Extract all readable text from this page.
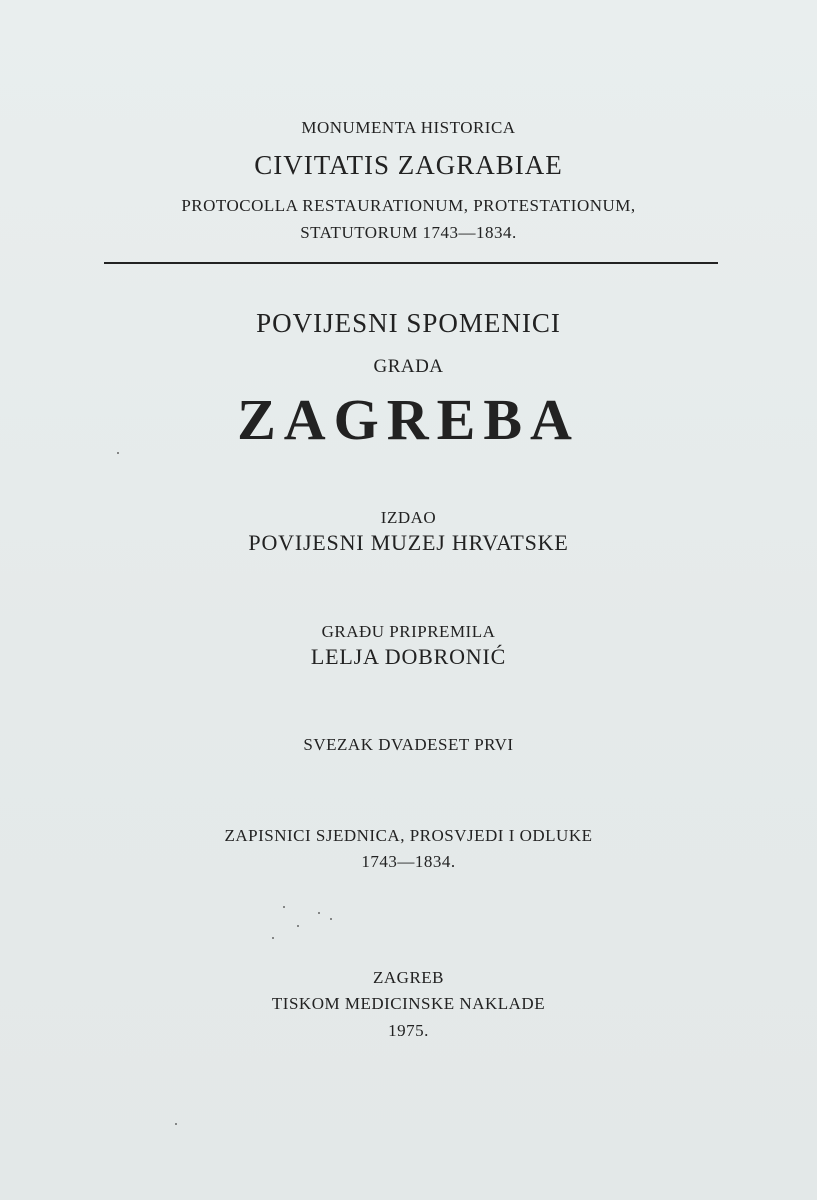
MONUMENTA HISTORICA
CIVITATIS ZAGRABIAE
PROTOCOLLA RESTAURATIONUM, PROTESTATIONUM,
STATUTORUM 1743—1834.
POVIJESNI SPOMENICI
GRADA
ZAGREBA
IZDAO
POVIJESNI MUZEJ HRVATSKE
GRAĐU PRIPREMILA
LELJA DOBRONIĆ
SVEZAK DVADESET PRVI
ZAPISNICI SJEDNICA, PROSVJEDI I ODLUKE
1743—1834.
ZAGREB
TISKOM MEDICINSKE NAKLADE
1975.
